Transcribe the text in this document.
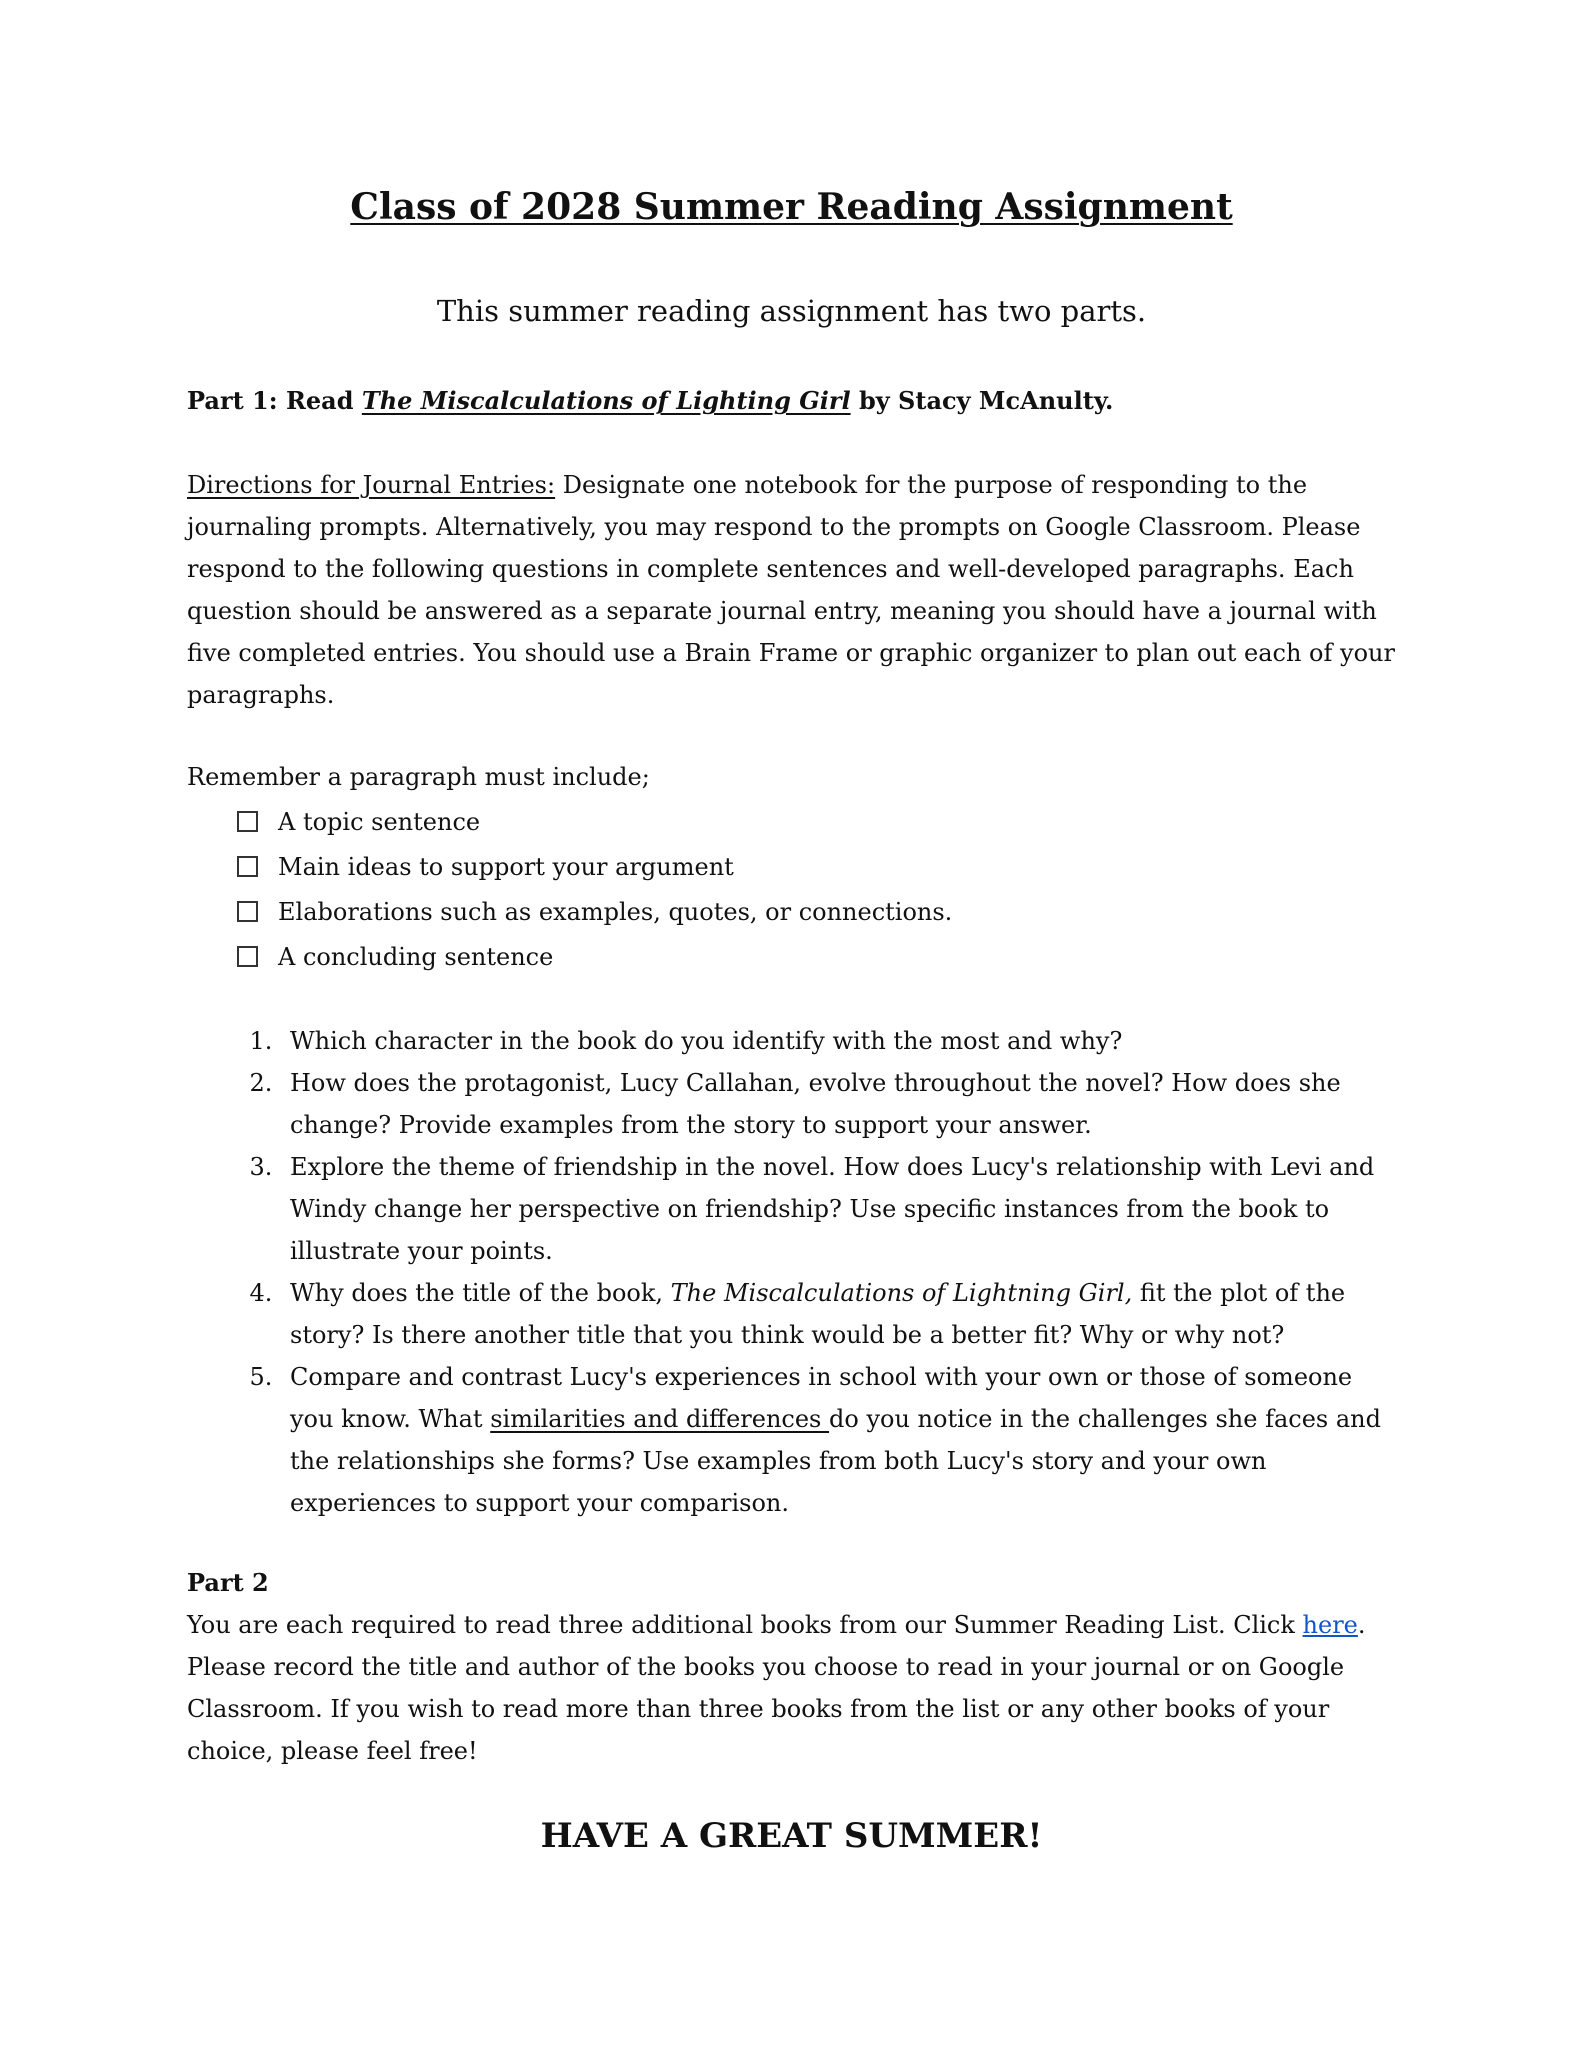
Class of 2028 Summer Reading Assignment
This summer reading assignment has two parts.
Part 1: Read The Miscalculations of Lighting Girl by Stacy McAnulty.
Directions for Journal Entries: Designate one notebook for the purpose of responding to the journaling prompts. Alternatively, you may respond to the prompts on Google Classroom. Please respond to the following questions in complete sentences and well-developed paragraphs. Each question should be answered as a separate journal entry, meaning you should have a journal with five completed entries. You should use a Brain Frame or graphic organizer to plan out each of your paragraphs.
Remember a paragraph must include;
A topic sentence
Main ideas to support your argument
Elaborations such as examples, quotes, or connections.
A concluding sentence
1. Which character in the book do you identify with the most and why?
2. How does the protagonist, Lucy Callahan, evolve throughout the novel? How does she change? Provide examples from the story to support your answer.
3. Explore the theme of friendship in the novel. How does Lucy's relationship with Levi and Windy change her perspective on friendship? Use specific instances from the book to illustrate your points.
4. Why does the title of the book, The Miscalculations of Lightning Girl, fit the plot of the story? Is there another title that you think would be a better fit? Why or why not?
5. Compare and contrast Lucy's experiences in school with your own or those of someone you know. What similarities and differences do you notice in the challenges she faces and the relationships she forms? Use examples from both Lucy's story and your own experiences to support your comparison.
Part 2
You are each required to read three additional books from our Summer Reading List. Click here. Please record the title and author of the books you choose to read in your journal or on Google Classroom. If you wish to read more than three books from the list or any other books of your choice, please feel free!
HAVE A GREAT SUMMER!
